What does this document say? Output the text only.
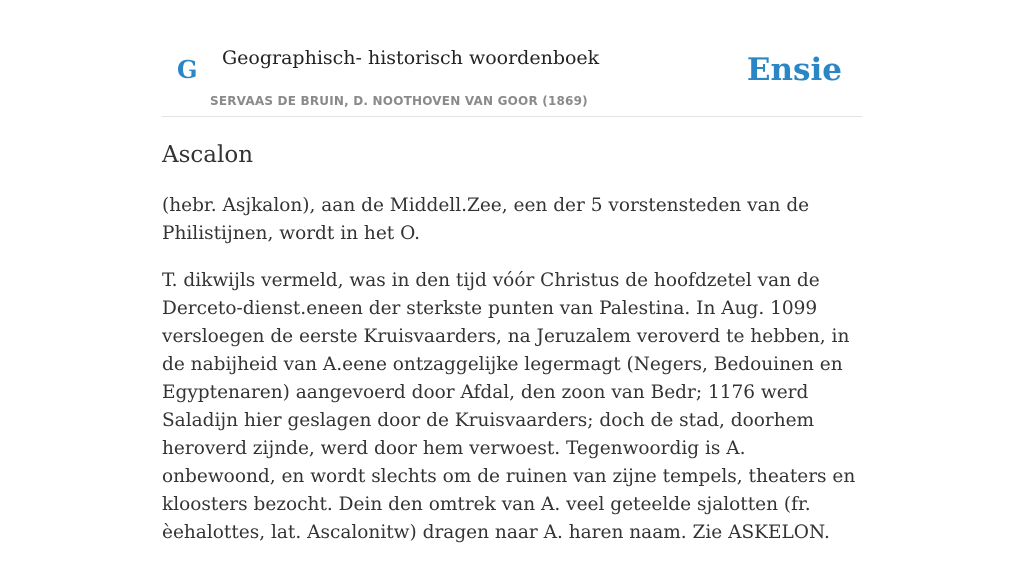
G Geographisch- historisch woordenboek
SERVAAS DE BRUIN, D. NOOTHOVEN VAN GOOR (1869)
Ensie
Ascalon

(hebr. Asjkalon), aan de Middell.Zee, een der 5 vorstensteden van de Philistijnen, wordt in het O.

T. dikwijls vermeld, was in den tijd vóór Christus de hoofdzetel van de Derceto-dienst.eneen der sterkste punten van Palestina. In Aug. 1099 versloegen de eerste Kruisvaarders, na Jeruzalem veroverd te hebben, in de nabijheid van A.eene ontzaggelijke legermagt (Negers, Bedouinen en Egyptenaren) aangevoerd door Afdal, den zoon van Bedr; 1176 werd Saladijn hier geslagen door de Kruisvaarders; doch de stad, doorhem heroverd zijnde, werd door hem verwoest. Tegenwoordig is A. onbewoond, en wordt slechts om de ruinen van zijne tempels, theaters en kloosters bezocht. Dein den omtrek van A. veel geteelde sjalotten (fr. èehalottes, lat. Ascalonitw) dragen naar A. haren naam. Zie ASKELON.
